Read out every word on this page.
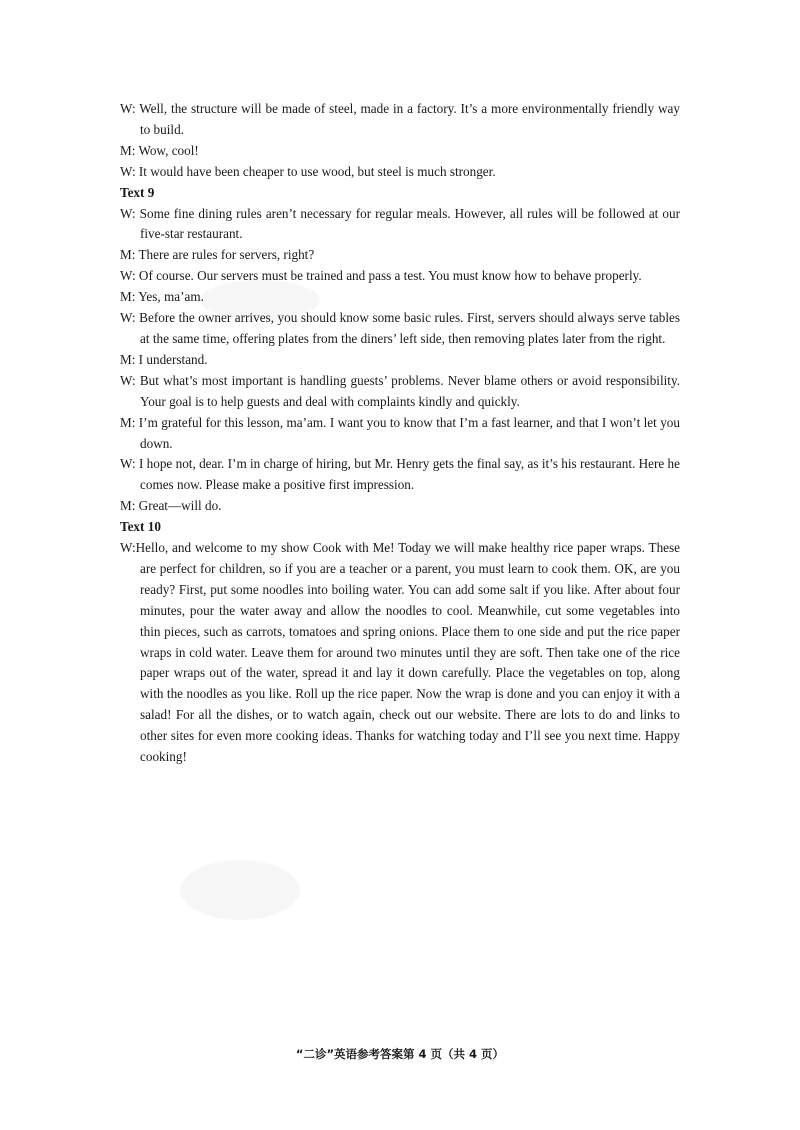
W: Well, the structure will be made of steel, made in a factory. It’s a more environmentally friendly way to build.

M: Wow, cool!

W: It would have been cheaper to use wood, but steel is much stronger.

Text 9

W: Some fine dining rules aren’t necessary for regular meals. However, all rules will be followed at our five-star restaurant.

M: There are rules for servers, right?

W: Of course. Our servers must be trained and pass a test. You must know how to behave properly.

M: Yes, ma’am.

W: Before the owner arrives, you should know some basic rules. First, servers should always serve tables at the same time, offering plates from the diners’ left side, then removing plates later from the right.

M: I understand.

W: But what’s most important is handling guests’ problems. Never blame others or avoid responsibility. Your goal is to help guests and deal with complaints kindly and quickly.

M: I’m grateful for this lesson, ma’am. I want you to know that I’m a fast learner, and that I won’t let you down.

W: I hope not, dear. I’m in charge of hiring, but Mr. Henry gets the final say, as it’s his restaurant. Here he comes now. Please make a positive first impression.

M: Great—will do.

Text 10

W:Hello, and welcome to my show Cook with Me! Today we will make healthy rice paper wraps. These are perfect for children, so if you are a teacher or a parent, you must learn to cook them. OK, are you ready? First, put some noodles into boiling water. You can add some salt if you like. After about four minutes, pour the water away and allow the noodles to cool. Meanwhile, cut some vegetables into thin pieces, such as carrots, tomatoes and spring onions. Place them to one side and put the rice paper wraps in cold water. Leave them for around two minutes until they are soft. Then take one of the rice paper wraps out of the water, spread it and lay it down carefully. Place the vegetables on top, along with the noodles as you like. Roll up the rice paper. Now the wrap is done and you can enjoy it with a salad! For all the dishes, or to watch again, check out our website. There are lots to do and links to other sites for even more cooking ideas. Thanks for watching today and I’ll see you next time. Happy cooking!

“二诊”英语参考答案第 4 页（共 4 页）
